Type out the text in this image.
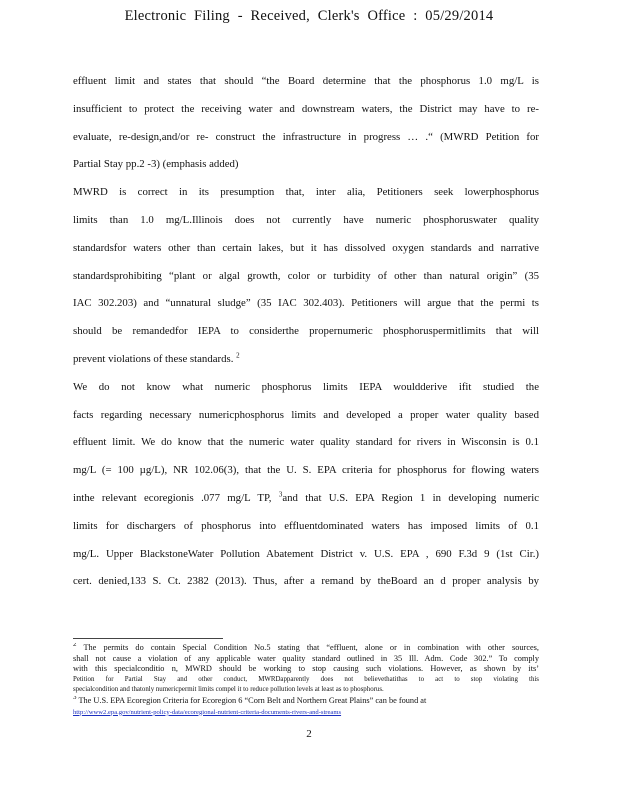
Electronic Filing - Received, Clerk's Office : 05/29/2014
effluent limit and states that should “the Board determine that the phosphorus 1.0 mg/L is
insufficient to protect the receiving water and downstream waters, the District may have to re-
evaluate, re-design,and/or re- construct the infrastructure in progress … .“ (MWRD Petition for
Partial Stay pp.2 -3) (emphasis added)
MWRD is correct in its presumption that, inter alia, Petitioners seek lowerphosphorus
limits than 1.0 mg/L.Illinois does not currently have numeric phosphoruswater quality
standardsfor waters other than certain lakes, but it has dissolved oxygen standards and narrative
standardsprohibiting “plant or algal growth, color or turbidity of other than natural origin” (35
IAC 302.203) and “unnatural sludge” (35 IAC 302.403). Petitioners will argue that the permi ts
should be remandedfor IEPA to considerthe propernumeric phosphoruspermitlimits that will
prevent violations of these standards. $^2$
We do not know what numeric phosphorus limits IEPA wouldderive ifit studied the
facts regarding necessary numericphosphorus limits and developed a proper water quality based
effluent limit. We do know that the numeric water quality standard for rivers in Wisconsin is 0.1
mg/L (= 100 µg/L), NR 102.06(3), that the U. S. EPA criteria for phosphorus for flowing waters
inthe relevant ecoregionis .077 mg/L TP, $^3$and that U.S. EPA Region 1 in developing numeric
limits for dischargers of phosphorus into effluentdominated waters has imposed limits of 0.1
mg/L. Upper BlackstoneWater Pollution Abatement District v. U.S. EPA , 690 F.3d 9 (1st Cir.)
cert. denied,133 S. Ct. 2382 (2013). Thus, after a remand by theBoard an d proper analysis by
$^2$ The permits do contain Special Condition No.5 stating that “effluent, alone or in combination with other sources,
shall not cause a violation of any applicable water quality standard outlined in 35 Ill. Adm. Code 302.” To comply
with this specialconditio n, MWRD should be working to stop causing such violations. However, as shown by its’
Petition for Partial Stay and other conduct, MWRDapparently does not believethatithas to act to stop violating this
specialcondition and thatonly numericpermit limits compel it to reduce pollution levels at least as to phosphorus.
$^3$ The U.S. EPA Ecoregion Criteria for Ecoregion 6 “Corn Belt and Northern Great Plains” can be found at
http://www2.epa.gov/nutrient-policy-data/ecoregional-nutrient-criteria-documents-rivers-and-streams
2
